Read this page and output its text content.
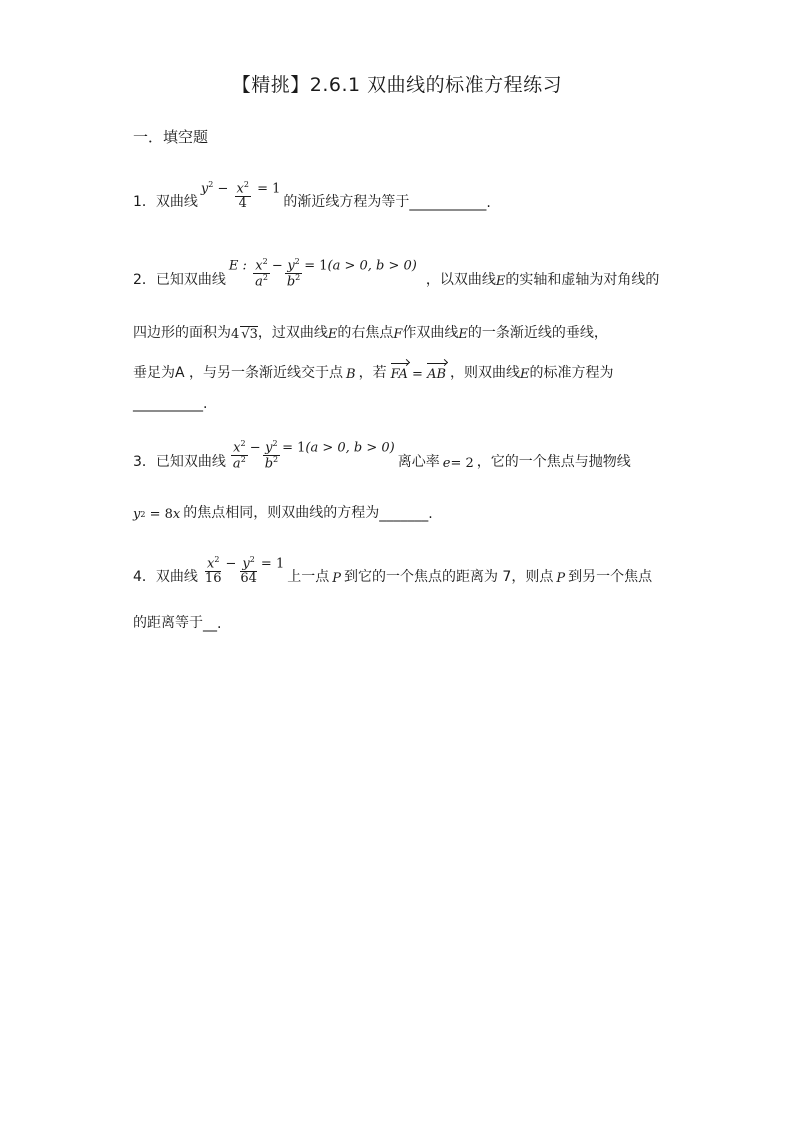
【精挑】2.6.1 双曲线的标准方程练习
一．填空题
1． 双曲线
$y^2 - \frac{x^2}{4} = 1$
的渐近线方程为等于 ___________.
2． 已知双曲线
E : $\frac{x^2}{a^2} - \frac{y^2}{b^2} = 1(a > 0$, b > 0)
，以双曲线 E 的实轴和虚轴为对角线的
四边形的面积为 4 √3 ，过双曲线 E 的右焦点 F 作双曲线 E 的一条渐近线的垂线，
垂足为A ，与另一条渐近线交于点 B ，若 FA
=
AB ，则双曲线 E 的标准方程为
__________.
3． 已知双曲线 $\frac{x^2}{a^2} - \frac{y^2}{b^2} = 1(a > 0$, b > 0)
离心率 e = 2 ，它的一个焦点与抛物线
y 2
= 8 x 的焦点相同，则双曲线的方程为 _______.
4． 双曲线 $\frac{x^2}{16} - \frac{y^2}{64} = 1$
上一点 P 到它的一个焦点的距离为 7，则点 P 到另一个焦点
的距离等于 __.
